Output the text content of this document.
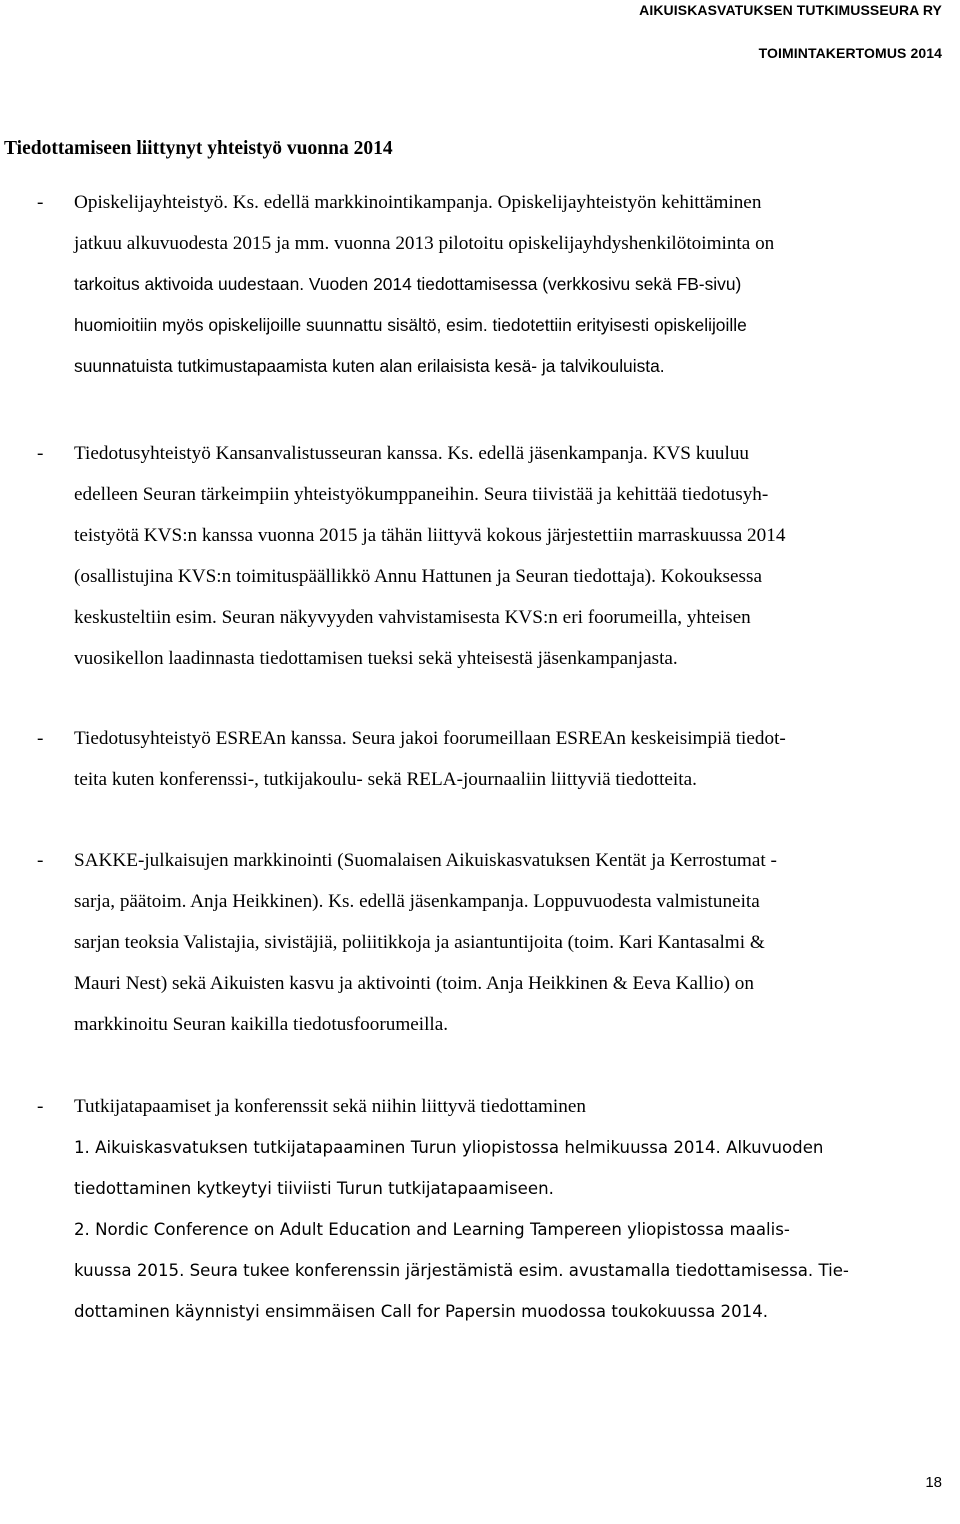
AIKUISKASVATUKSEN TUTKIMUSSEURA RY
TOIMINTAKERTOMUS 2014
Tiedottamiseen liittynyt yhteistyö vuonna 2014
- Opiskelijayhteistyö. Ks. edellä markkinointikampanja. Opiskelijayhteistyön kehittäminen
jatkuu alkuvuodesta 2015 ja mm. vuonna 2013 pilotoitu opiskelijayhdyshenkilötoiminta on
tarkoitus aktivoida uudestaan. Vuoden 2014 tiedottamisessa (verkkosivu sekä FB-sivu)
huomioitiin myös opiskelijoille suunnattu sisältö, esim. tiedotettiin erityisesti opiskelijoille
suunnatuista tutkimustapaamista kuten alan erilaisista kesä- ja talvikouluista.
- Tiedotusyhteistyö Kansanvalistusseuran kanssa. Ks. edellä jäsenkampanja. KVS kuuluu
edelleen Seuran tärkeimpiin yhteistyökumppaneihin. Seura tiivistää ja kehittää tiedotusyh-
teistyötä KVS:n kanssa vuonna 2015 ja tähän liittyvä kokous järjestettiin marraskuussa 2014
(osallistujina KVS:n toimituspäällikkö Annu Hattunen ja Seuran tiedottaja). Kokouksessa
keskusteltiin esim. Seuran näkyvyyden vahvistamisesta KVS:n eri foorumeilla, yhteisen
vuosikellon laadinnasta tiedottamisen tueksi sekä yhteisestä jäsenkampanjasta.
- Tiedotusyhteistyö ESREAn kanssa. Seura jakoi foorumeillaan ESREAn keskeisimpiä tiedot-
teita kuten konferenssi-, tutkijakoulu- sekä RELA-journaaliin liittyviä tiedotteita.
- SAKKE-julkaisujen markkinointi (Suomalaisen Aikuiskasvatuksen Kentät ja Kerrostumat -
sarja, päätoim. Anja Heikkinen). Ks. edellä jäsenkampanja. Loppuvuodesta valmistuneita
sarjan teoksia Valistajia, sivistäjiä, poliitikkoja ja asiantuntijoita (toim. Kari Kantasalmi &
Mauri Nest) sekä Aikuisten kasvu ja aktivointi (toim. Anja Heikkinen & Eeva Kallio) on
markkinoitu Seuran kaikilla tiedotusfoorumeilla.
- Tutkijatapaamiset ja konferenssit sekä niihin liittyvä tiedottaminen
1. Aikuiskasvatuksen tutkijatapaaminen Turun yliopistossa helmikuussa 2014. Alkuvuoden
tiedottaminen kytkeytyi tiiviisti Turun tutkijatapaamiseen.
2. Nordic Conference on Adult Education and Learning Tampereen yliopistossa maalis-
kuussa 2015. Seura tukee konferenssin järjestämistä esim. avustamalla tiedottamisessa. Tie-
dottaminen käynnistyi ensimmäisen Call for Papersin muodossa toukokuussa 2014.
18
